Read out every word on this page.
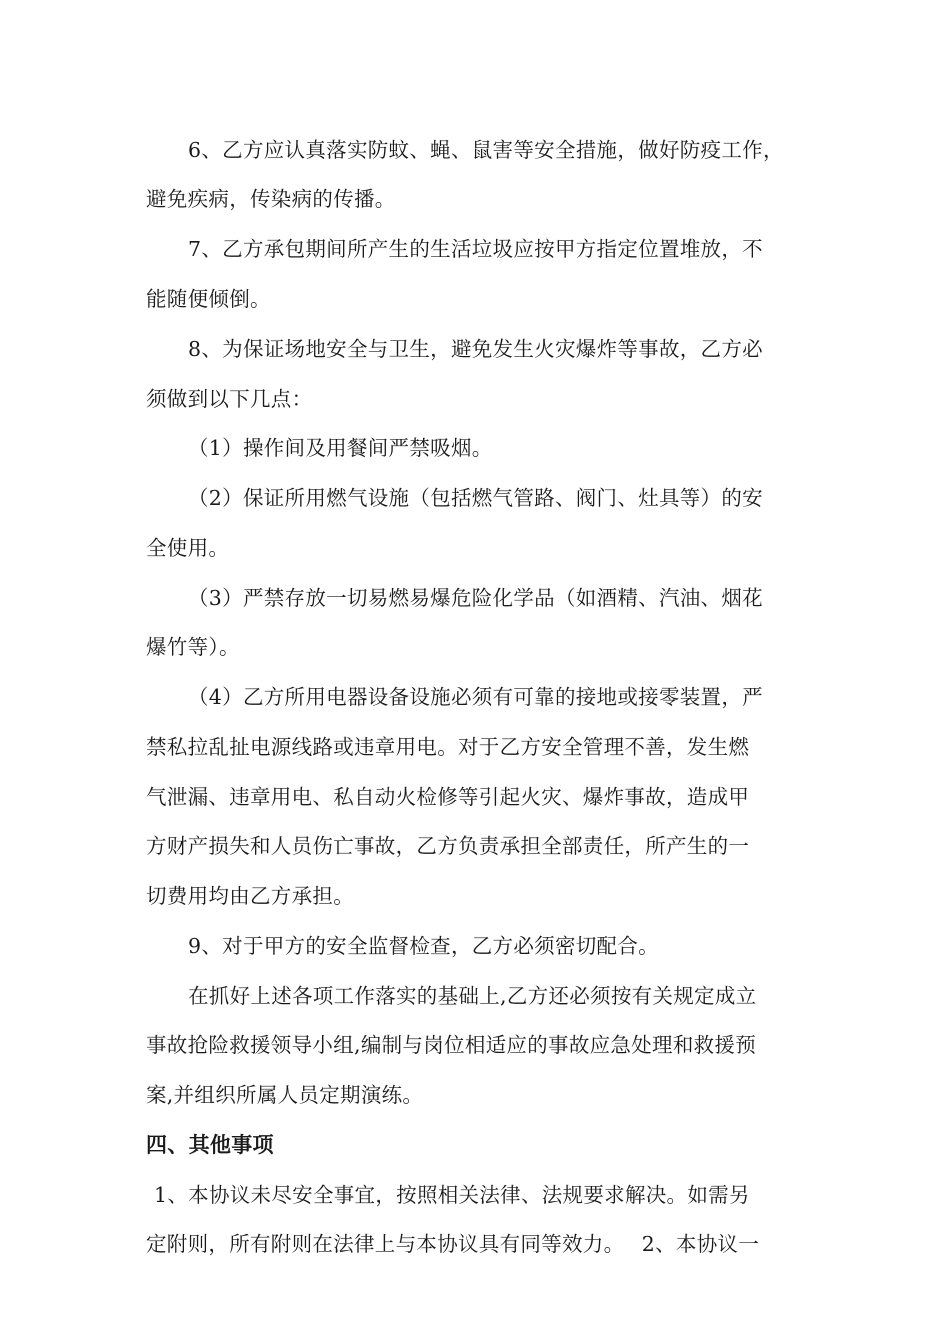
6、乙方应认真落实防蚊、蝇、鼠害等安全措施，做好防疫工作，
避免疾病，传染病的传播。
7、乙方承包期间所产生的生活垃圾应按甲方指定位置堆放，不
能随便倾倒。
8、为保证场地安全与卫生，避免发生火灾爆炸等事故，乙方必
须做到以下几点：
（1）操作间及用餐间严禁吸烟。
（2）保证所用燃气设施（包括燃气管路、阀门、灶具等）的安
全使用。
（3）严禁存放一切易燃易爆危险化学品（如酒精、汽油、烟花
爆竹等）。
（4）乙方所用电器设备设施必须有可靠的接地或接零装置，严
禁私拉乱扯电源线路或违章用电。对于乙方安全管理不善，发生燃
气泄漏、违章用电、私自动火检修等引起火灾、爆炸事故，造成甲
方财产损失和人员伤亡事故，乙方负责承担全部责任，所产生的一
切费用均由乙方承担。
9、对于甲方的安全监督检查，乙方必须密切配合。
在抓好上述各项工作落实的基础上,乙方还必须按有关规定成立
事故抢险救援领导小组,编制与岗位相适应的事故应急处理和救援预
案,并组织所属人员定期演练。
四、其他事项
1、本协议未尽安全事宜，按照相关法律、法规要求解决。如需另
定附则，所有附则在法律上与本协议具有同等效力。　 2、本协议一
